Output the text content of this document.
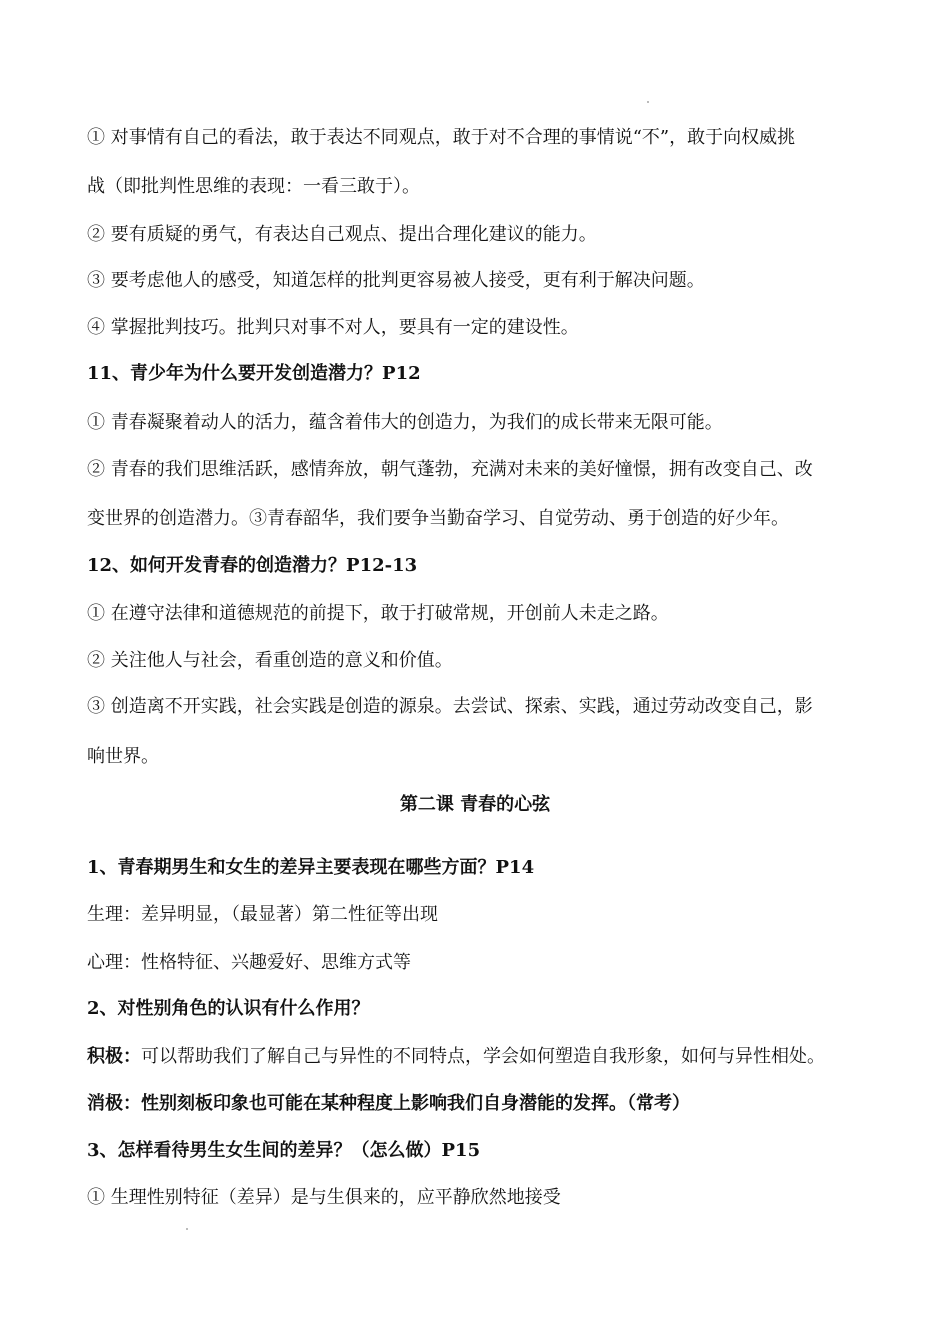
① 对事情有自己的看法，敢于表达不同观点，敢于对不合理的事情说“不”，敢于向权威挑
战（即批判性思维的表现：一看三敢于）。
② 要有质疑的勇气，有表达自己观点、提出合理化建议的能力。
③ 要考虑他人的感受，知道怎样的批判更容易被人接受，更有利于解决问题。
④ 掌握批判技巧。批判只对事不对人，要具有一定的建设性。
11、青少年为什么要开发创造潜力？P12
① 青春凝聚着动人的活力，蕴含着伟大的创造力，为我们的成长带来无限可能。
② 青春的我们思维活跃，感情奔放，朝气蓬勃，充满对未来的美好憧憬，拥有改变自己、改
变世界的创造潜力。③青春韶华，我们要争当勤奋学习、自觉劳动、勇于创造的好少年。
12、如何开发青春的创造潜力？P12-13
① 在遵守法律和道德规范的前提下，敢于打破常规，开创前人未走之路。
② 关注他人与社会，看重创造的意义和价值。
③ 创造离不开实践，社会实践是创造的源泉。去尝试、探索、实践，通过劳动改变自己，影
响世界。
第二课 青春的心弦
1、青春期男生和女生的差异主要表现在哪些方面？P14
生理：差异明显，（最显著）第二性征等出现
心理：性格特征、兴趣爱好、思维方式等
2、对性别角色的认识有什么作用？
积极：可以帮助我们了解自己与异性的不同特点，学会如何塑造自我形象，如何与异性相处。
消极：性别刻板印象也可能在某种程度上影响我们自身潜能的发挥。（常考）
3、怎样看待男生女生间的差异？（怎么做）P15
① 生理性别特征（差异）是与生俱来的，应平静欣然地接受
